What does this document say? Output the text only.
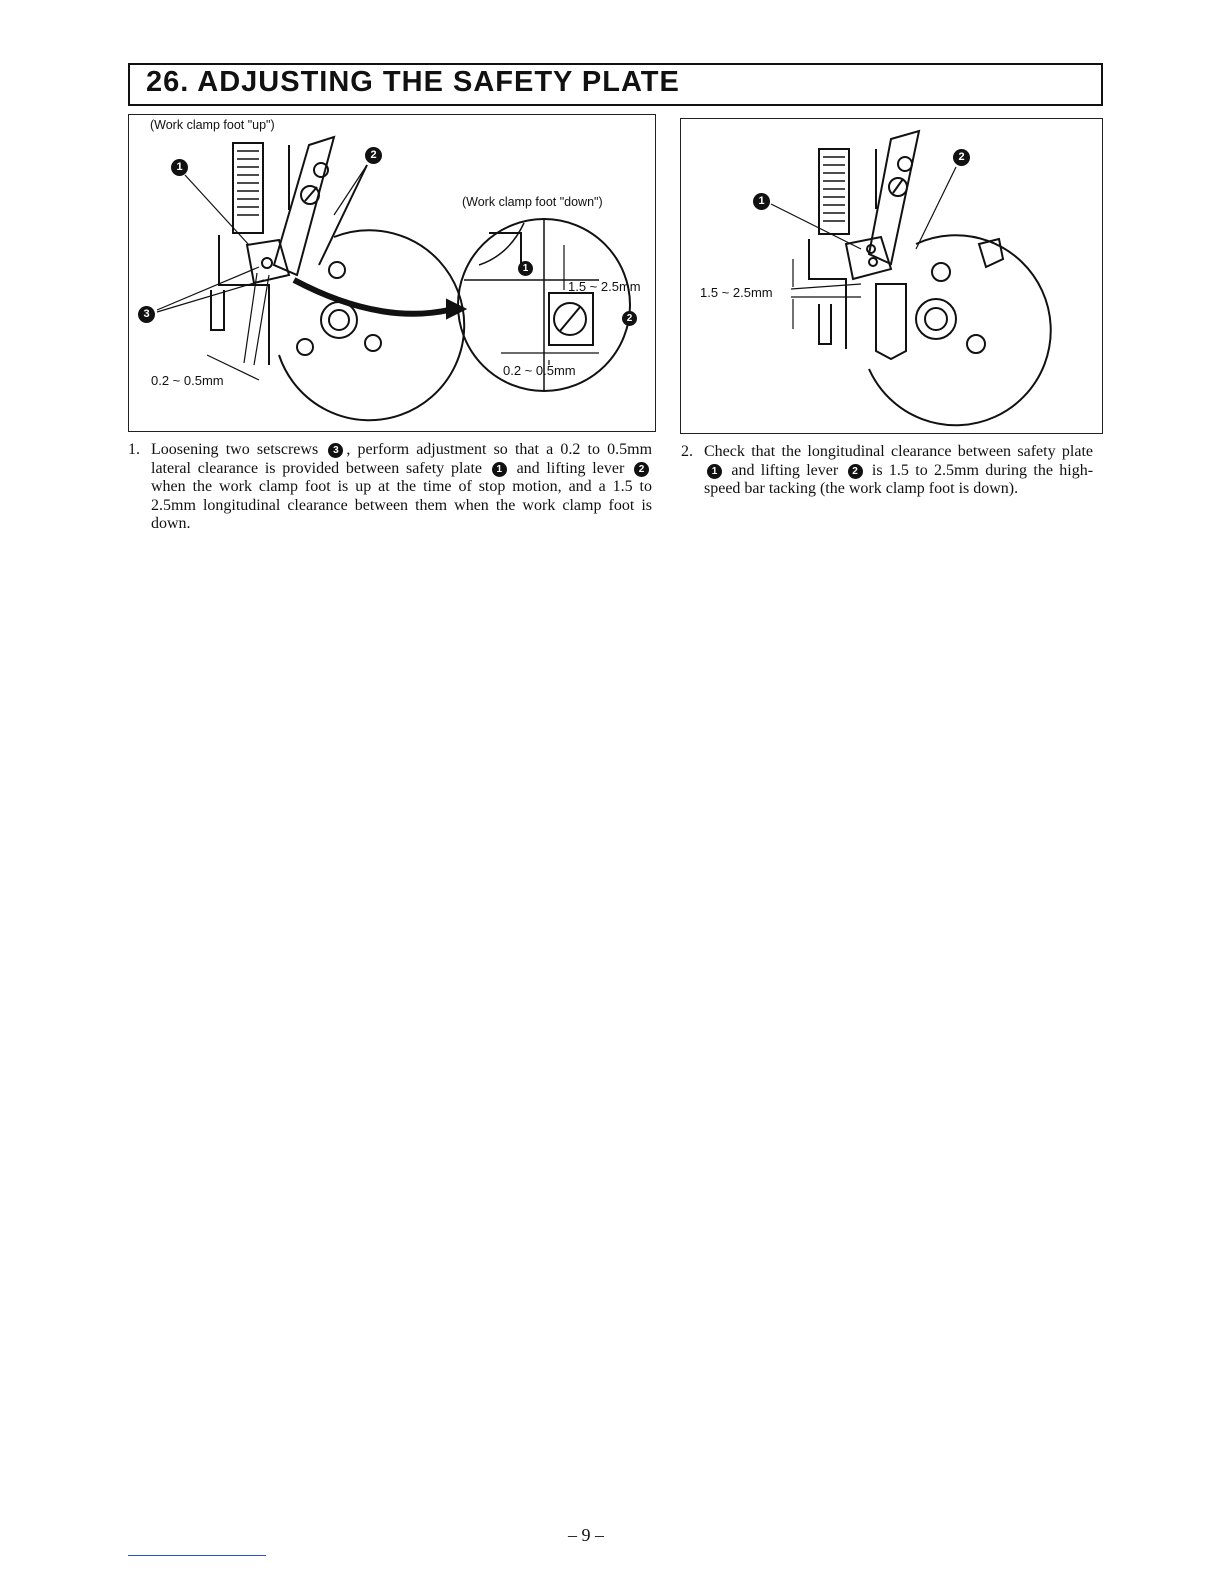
26. ADJUSTING THE SAFETY PLATE
(Work clamp foot "up")
(Work clamp foot "down")
0.2 ~ 0.5mm
1.5 ~ 2.5mm
0.2 ~ 0.5mm
1
2
3
1
2
1.5 ~ 2.5mm
1
2
1. Loosening two setscrews 3 , perform adjustment so that a 0.2 to 0.5mm lateral clearance is provided between safety plate 1 and lifting lever 2 when the work clamp foot is up at the time of stop motion, and a 1.5 to 2.5mm longitudinal clearance between them when the work clamp foot is down.
2. Check that the longitudinal clearance between safety plate 1 and lifting lever 2 is 1.5 to 2.5mm during the high-speed bar tacking (the work clamp foot is down).
– 9 –
